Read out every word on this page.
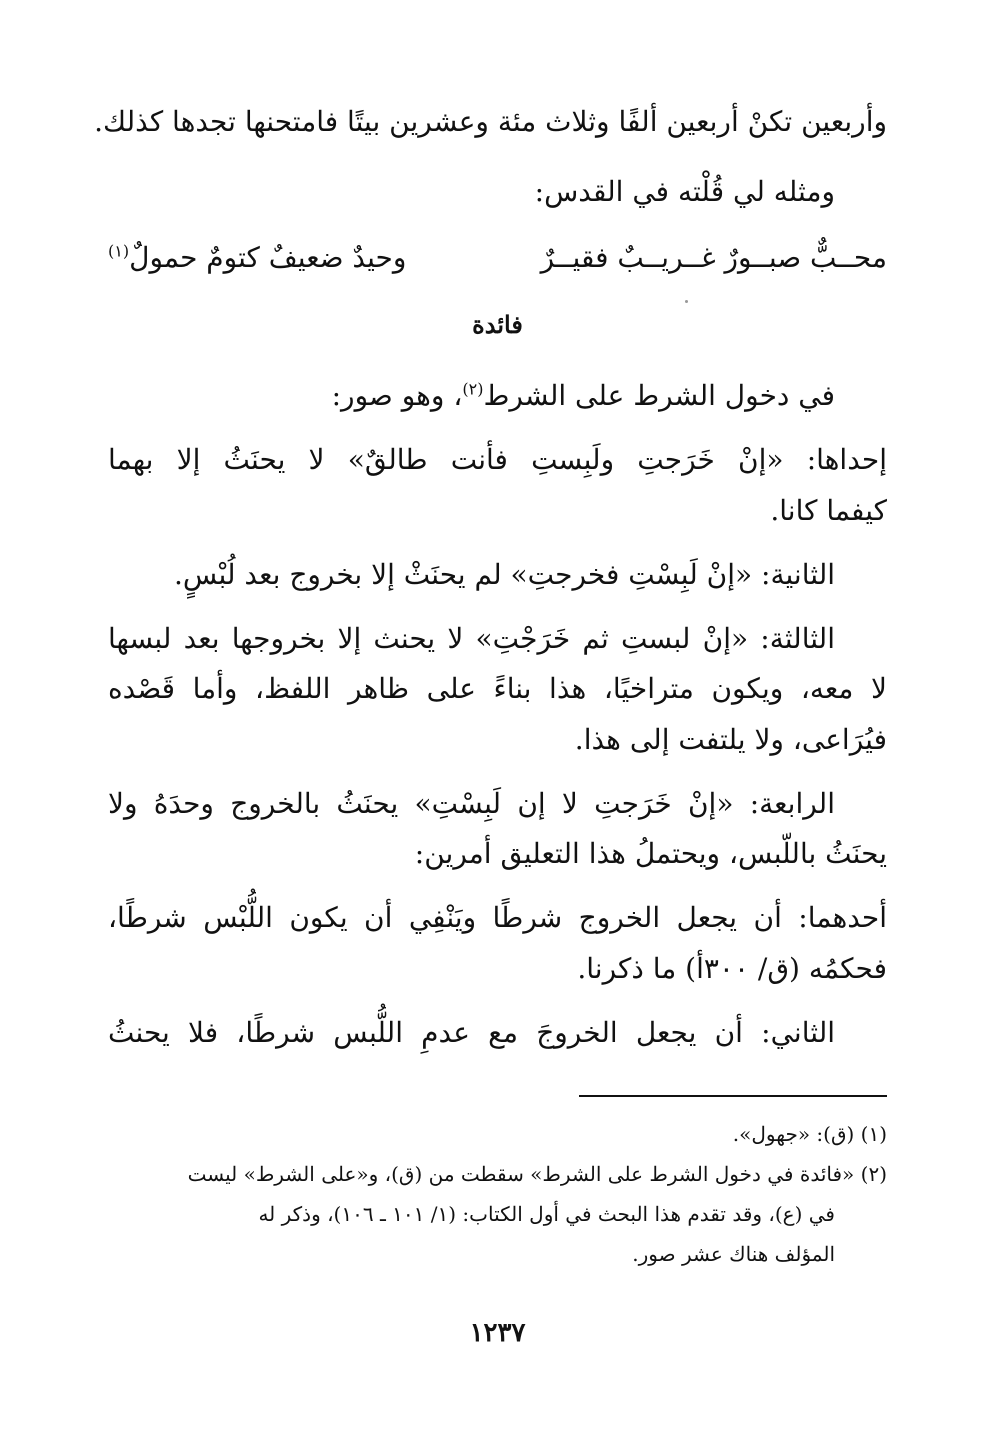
وأربعين تكنْ أربعين ألفًا وثلاث مئة وعشرين بيتًا فامتحنها تجدها كذلك.
ومثله لي قُلْته في القدس:
محــبٌّ صبــورٌ غــريــبٌ فقيــرٌ
وحيدٌ ضعيفٌ كتومٌ حمولٌ$^{(١)}$
فائدة
في دخول الشرط على الشرط$^{(٢)}$، وهو صور:
إحداها: «إنْ خَرَجتِ ولَبِستِ فأنت طالقٌ» لا يحنَثُ إلا بهما
كيفما كانا.
الثانية: «إنْ لَبِسْتِ فخرجتِ» لم يحنَثْ إلا بخروج بعد لُبْسٍ.
الثالثة: «إنْ لبستِ ثم خَرَجْتِ» لا يحنث إلا بخروجها بعد لبسها
لا معه، ويكون متراخيًا، هذا بناءً على ظاهر اللفظ، وأما قَصْده
فيُرَاعى، ولا يلتفت إلى هذا.
الرابعة: «إنْ خَرَجتِ لا إن لَبِسْتِ» يحنَثُ بالخروج وحدَهُ ولا
يحنَثُ باللّبس، ويحتملُ هذا التعليق أمرين:
أحدهما: أن يجعل الخروج شرطًا ويَنْفِي أن يكون اللُّبْس شرطًا،
فحكمُه (ق/ ٣٠٠أ) ما ذكرنا.
الثاني: أن يجعل الخروجَ مع عدمِ اللُّبس شرطًا، فلا يحنثُ
(١) (ق): «جهول».
(٢) «فائدة في دخول الشرط على الشرط» سقطت من (ق)، و«على الشرط» ليست
في (ع)، وقد تقدم هذا البحث في أول الكتاب: (١/ ١٠١ ـ ١٠٦)، وذكر له
المؤلف هناك عشر صور.
١٢٣٧
